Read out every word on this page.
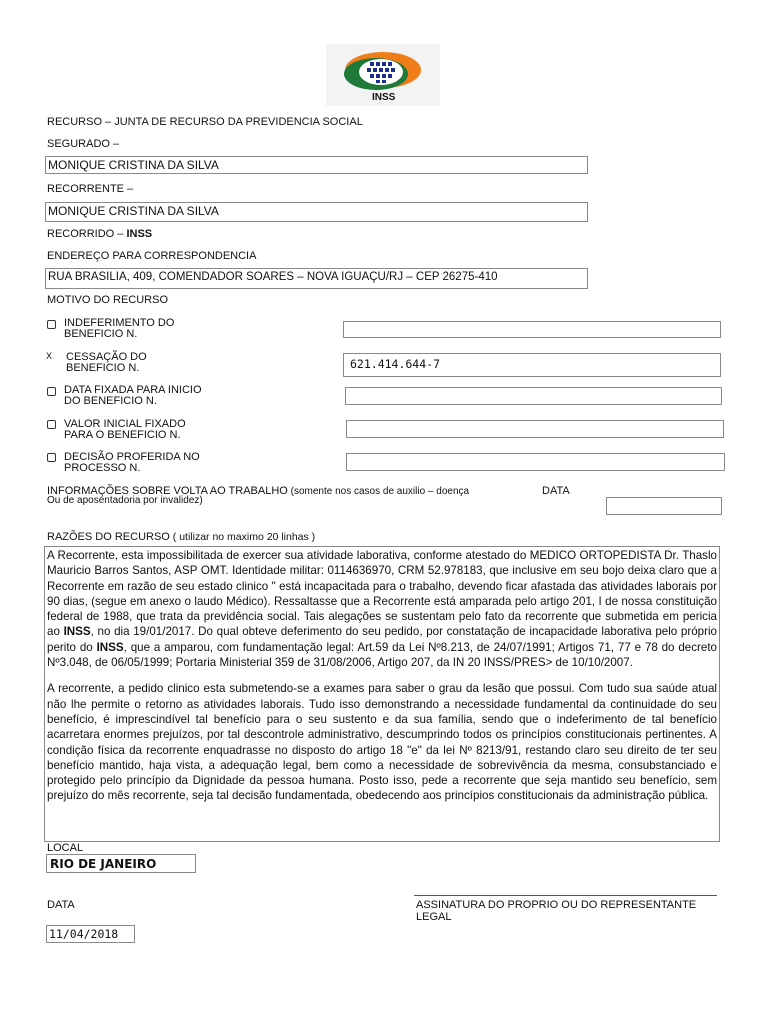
INSS
RECURSO – JUNTA DE RECURSO DA PREVIDENCIA SOCIAL
SEGURADO –
MONIQUE CRISTINA DA SILVA
RECORRENTE –
MONIQUE CRISTINA DA SILVA
RECORRIDO – INSS
ENDEREÇO PARA CORRESPONDENCIA
RUA BRASILIA, 409, COMENDADOR SOARES – NOVA IGUAÇU/RJ – CEP 26275-410
MOTIVO DO RECURSO
INDEFERIMENTO DO
BENEFICIO N.
X CESSAÇÃO DO
BENEFICIO N.	621.414.644-7
DATA FIXADA PARA INICIO
DO BENEFICIO N.
VALOR INICIAL FIXADO
PARA O BENEFICIO N.
DECISÃO PROFERIDA NO
PROCESSO N.
INFORMAÇÕES SOBRE VOLTA AO TRABALHO (somente nos casos de auxilio – doença
Ou de aposentadoria por invalidez)
DATA
RAZÕES DO RECURSO ( utilizar no maximo 20 linhas )

A Recorrente, esta impossibilitada de exercer sua atividade laborativa, conforme atestado do MEDICO ORTOPEDISTA Dr. Thaslo Mauricio Barros Santos, ASP OMT. Identidade militar: 0114636970, CRM 52.978183, que inclusive em seu bojo deixa claro que a Recorrente em razão de seu estado clinico " está incapacitada para o trabalho, devendo ficar afastada das atividades laborais por 90 dias, (segue em anexo o laudo Médico). Ressaltasse que a Recorrente está amparada pelo artigo 201, I de nossa constituição federal de 1988, que trata da previdência social. Tais alegações se sustentam pelo fato da recorrente que submetida em pericia ao INSS, no dia 19/01/2017. Do qual obteve deferimento do seu pedido, por constatação de incapacidade laborativa pelo próprio perito do INSS, que a amparou, com fundamentação legal: Art.59 da Lei Nº8.213, de 24/07/1991; Artigos 71, 77 e 78 do decreto Nº3.048, de 06/05/1999; Portaria Ministerial 359 de 31/08/2006, Artigo 207, da IN 20 INSS/PRES> de 10/10/2007.

A recorrente, a pedido clinico esta submetendo-se a exames para saber o grau da lesão que possui. Com tudo sua saúde atual não lhe permite o retorno as atividades laborais. Tudo isso demonstrando a necessidade fundamental da continuidade do seu benefício, é imprescindível tal benefício para o seu sustento e da sua família, sendo que o indeferimento de tal benefício acarretara enormes prejuízos, por tal descontrole administrativo, descumprindo todos os princípios constitucionais pertinentes. A condição física da recorrente enquadrasse no disposto do artigo 18 "e" da lei Nº 8213/91, restando claro seu direito de ter seu benefício mantido, haja vista, a adequação legal, bem como a necessidade de sobrevivência da mesma, consubstanciado e protegido pelo princípio da Dignidade da pessoa humana. Posto isso, pede a recorrente que seja mantido seu benefício, sem prejuízo do mês recorrente, seja tal decisão fundamentada, obedecendo aos princípios constitucionais da administração pública.

LOCAL
RIO DE JANEIRO
DATA
11/04/2018
ASSINATURA DO PROPRIO OU DO REPRESENTANTE
LEGAL
